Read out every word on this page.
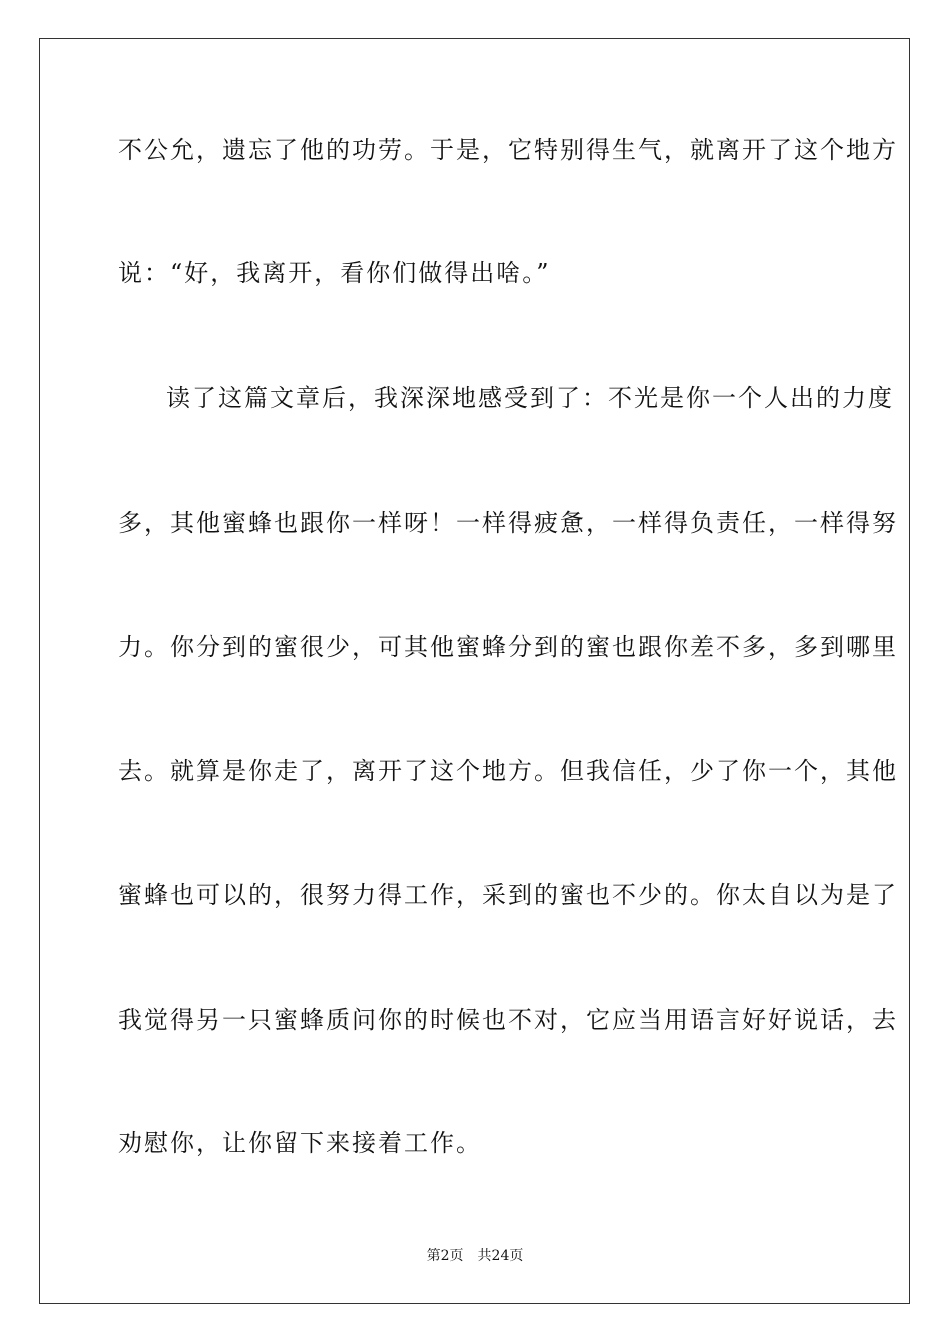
不公允，遗忘了他的功劳。于是，它特别得生气，就离开了这个地方
说：“好，我离开，看你们做得出啥。”
读了这篇文章后，我深深地感受到了：不光是你一个人出的力度
多，其他蜜蜂也跟你一样呀！一样得疲惫，一样得负责任，一样得努
力。你分到的蜜很少，可其他蜜蜂分到的蜜也跟你差不多，多到哪里
去。就算是你走了，离开了这个地方。但我信任，少了你一个，其他
蜜蜂也可以的，很努力得工作，采到的蜜也不少的。你太自以为是了
我觉得另一只蜜蜂质问你的时候也不对，它应当用语言好好说话，去
劝慰你，让你留下来接着工作。
第2页 共24页
